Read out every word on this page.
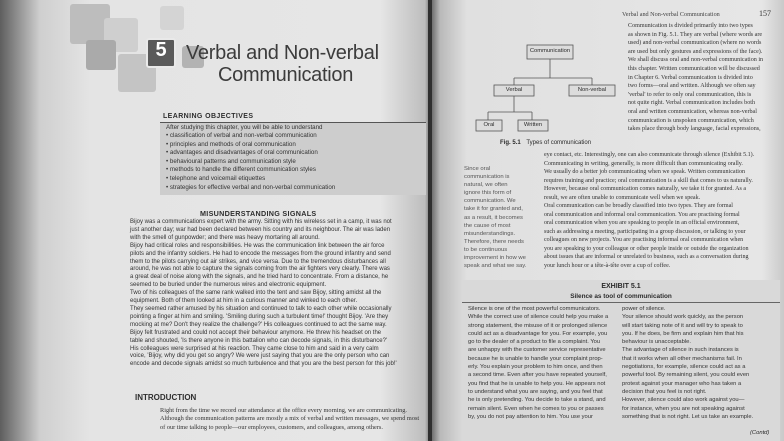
5 Verbal and Non-verbal
Communication
LEARNING OBJECTIVES
After studying this chapter, you will be able to understand
• classification of verbal and non-verbal communication
• principles and methods of oral communication
• advantages and disadvantages of oral communication
• behavioural patterns and communication style
• methods to handle the different communication styles
• telephone and voicemail etiquettes
• strategies for effective verbal and non-verbal communication
MISUNDERSTANDING SIGNALS
Bijoy was a communications expert with the army. Sitting with his wireless set in a camp, it was not
just another day; war had been declared between his country and its neighbour. The air was laden
with the smell of gunpowder; and there was heavy mortaring all around.
Bijoy had critical roles and responsibilities. He was the communication link between the air force
pilots and the infantry soldiers. He had to encode the messages from the ground infantry and send
them to the pilots carrying out air strikes, and vice versa. Due to the tremendous disturbances all
around, he was not able to capture the signals coming from the air fighters very clearly. There was
a great deal of noise along with the signals, and he tried hard to concentrate. From a distance, he
seemed to be buried under the numerous wires and electronic equipment.
Two of his colleagues of the same rank walked into the tent and saw Bijoy, sitting amidst all the
equipment. Both of them looked at him in a curious manner and winked to each other.
They seemed rather amused by his situation and continued to talk to each other while occasionally
pointing a finger at him and smiling. 'Smiling during such a turbulent time!' thought Bijoy. 'Are they
mocking at me? Don't they realize the challenge?' His colleagues continued to act the same way.
Bijoy felt frustrated and could not accept their behaviour anymore. He threw his headset on the
table and shouted, 'Is there anyone in this battalion who can decode signals, in this disturbance?'
His colleagues were surprised at his reaction. They came close to him and said in a very calm
voice, 'Bijoy, why did you get so angry? We were just saying that you are the only person who can
encode and decode signals amidst so much turbulence and that you are the best person for this job!'
INTRODUCTION
Right from the time we record our attendance at the office every morning, we are communicating.
Although the communication patterns are mostly a mix of verbal and written messages, we spend most
of our time talking to people—our employees, customers, and colleagues, among others.
Verbal and Non-verbal Communication	157
Communication
Verbal	Non-verbal
Oral	Written
Fig. 5.1 Types of communication
Communication is divided primarily into two types
as shown in Fig. 5.1. They are verbal (where words are
used) and non-verbal communication (where no words
are used but only gestures and expressions of the face).
We shall discuss oral and non-verbal communication in
this chapter. Written communication will be discussed
in Chapter 6. Verbal communication is divided into
two forms—oral and written. Although we often say
'verbal' to refer to only oral communication, this is
not quite right. Verbal communication includes both
oral and written communication, whereas non-verbal
communication is unspoken communication, which
takes place through body language, facial expressions,
Since oral
communication is
natural, we often
ignore this form of
communication. We
take it for granted and,
as a result, it becomes
the cause of most
misunderstandings.
Therefore, there needs
to be continuous
improvement in how we
speak and what we say.
eye contact, etc. Interestingly, one can also communicate through silence (Exhibit 5.1).
Communicating in writing, generally, is more difficult than communicating orally.
We usually do a better job communicating when we speak. Written communication
requires training and practice; oral communication is a skill that comes to us naturally.
However, because oral communication comes naturally, we take it for granted. As a
result, we are often unable to communicate well when we speak.
Oral communication can be broadly classified into two types. They are formal
oral communication and informal oral communication. You are practising formal
oral communication when you are speaking to people in an official environment,
such as addressing a meeting, participating in a group discussion, or talking to your
colleagues on new projects. You are practising informal oral communication when
you are speaking to your colleague or other people inside or outside the organization
about issues that are informal or unrelated to business, such as a conversation during
your lunch hour or a tête-à-tête over a cup of coffee.
EXHIBIT 5.1
Silence as tool of communication
Silence is one of the most powerful communicators.
While the correct use of silence could help you make a
strong statement, the misuse of it or prolonged silence
could act as a disadvantage for you. For example, you
go to the dealer of a product to file a complaint. You
are unhappy with the customer service representative
because he is unable to handle your complaint prop-
erly. You explain your problem to him once, and then
a second time. Even after you have repeated yourself,
you find that he is unable to help you. He appears not
to understand what you are saying, and you feel that
he is only pretending. You decide to take a stand, and
remain silent. Even when he comes to you or passes
by, you do not pay attention to him. You use your
power of silence.
Your silence should work quickly, as the person
will start taking note of it and will try to speak to
you. If he does, be firm and explain him that his
behaviour is unacceptable.
The advantage of silence in such instances is
that it works when all other mechanisms fail. In
negotiations, for example, silence could act as a
powerful tool. By remaining silent, you could even
protest against your manager who has taken a
decision that you feel is not right.
However, silence could also work against you—
for instance, when you are not speaking against
something that is not right. Let us take an example.
(Contd)
